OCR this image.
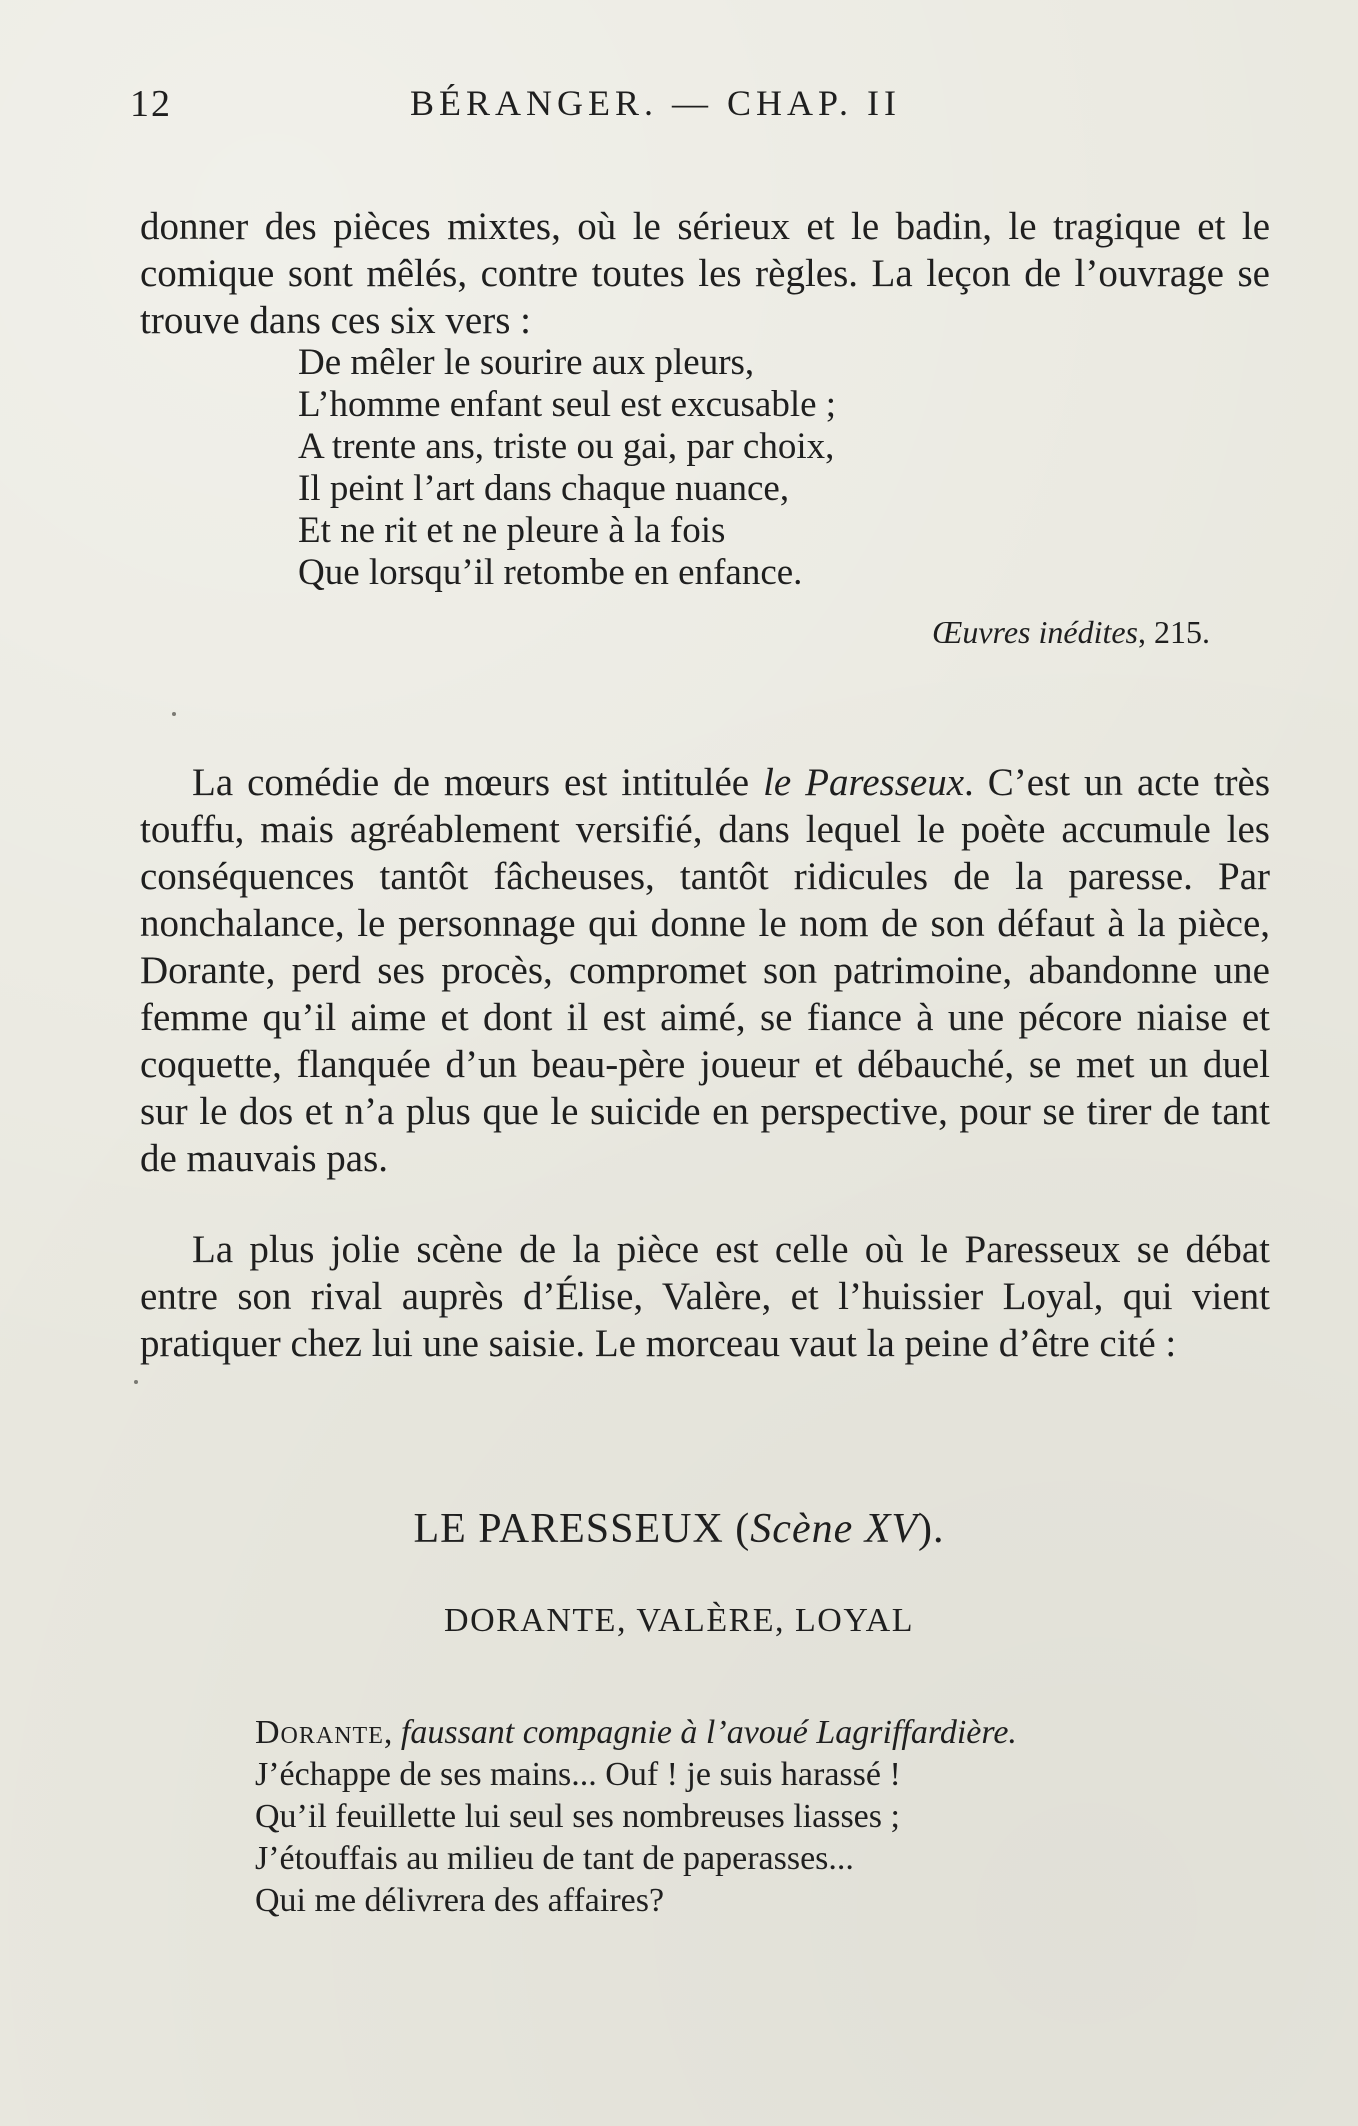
12	BÉRANGER. — CHAP. II

donner des pièces mixtes, où le sérieux et le badin, le tragique et le comique sont mêlés, contre toutes les règles. La leçon de l’ouvrage se trouve dans ces six vers :

De mêler le sourire aux pleurs,
L’homme enfant seul est excusable ;
A trente ans, triste ou gai, par choix,
Il peint l’art dans chaque nuance,
Et ne rit et ne pleure à la fois
Que lorsqu’il retombe en enfance.
Œuvres inédites, 215.

La comédie de mœurs est intitulée le Paresseux. C’est un acte très touffu, mais agréablement versifié, dans lequel le poète accumule les conséquences tantôt fâcheuses, tantôt ridicules de la paresse. Par nonchalance, le personnage qui donne le nom de son défaut à la pièce, Dorante, perd ses procès, compromet son patrimoine, abandonne une femme qu’il aime et dont il est aimé, se fiance à une pécore niaise et coquette, flanquée d’un beau-père joueur et débauché, se met un duel sur le dos et n’a plus que le suicide en perspective, pour se tirer de tant de mauvais pas.

La plus jolie scène de la pièce est celle où le Paresseux se débat entre son rival auprès d’Élise, Valère, et l’huissier Loyal, qui vient pratiquer chez lui une saisie. Le morceau vaut la peine d’être cité :

LE PARESSEUX (Scène XV).
DORANTE, VALÈRE, LOYAL
Dorante, faussant compagnie à l’avoué Lagriffardière.
J’échappe de ses mains... Ouf ! je suis harassé !
Qu’il feuillette lui seul ses nombreuses liasses ;
J’étouffais au milieu de tant de paperasses...
Qui me délivrera des affaires?
